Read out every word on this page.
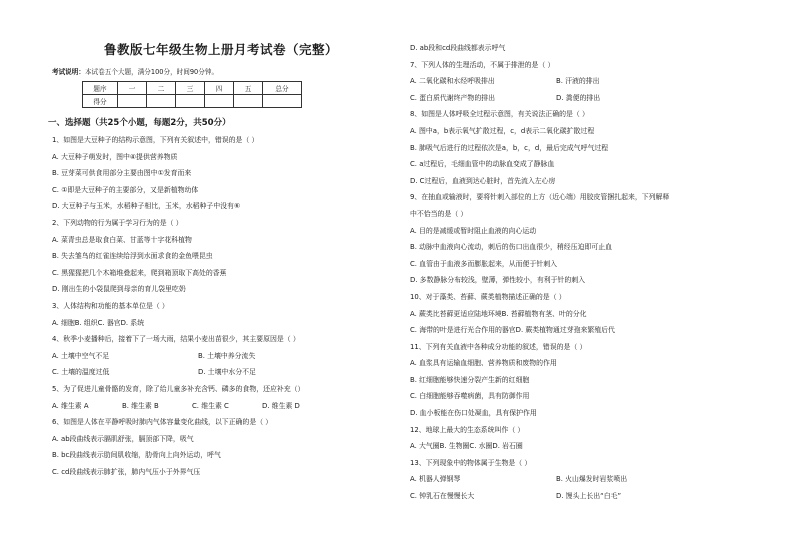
鲁教版七年级生物上册月考试卷（完整）
考试说明：本试卷五个大题，满分100分，时间90分钟。
题序	一	二	三	四	五	总分
得分						
一、选择题（共25个小题，每题2分，共50分）
1、如图是大豆种子的结构示意图，下列有关叙述中，错误的是（ ）
A. 大豆种子萌发时，图中④提供营养物质
B. 豆芽菜可供食用部分主要由图中①发育而来
C. ①即是大豆种子的主要部分，又是新植物幼体
D. 大豆种子与玉米，水稻种子相比，玉米，水稻种子中没有⑥
2、下列动物的行为属于学习行为的是（ ）
A. 菜青虫总是取食白菜、甘蓝等十字花科植物
B. 失去雏鸟的红雀连续给浮到水面求食的金鱼喂昆虫
C. 黑猩猩把几个木箱堆叠起来，爬到箱顶取下高处的香蕉
D. 刚出生的小袋鼠爬到母亲的育儿袋里吃奶
3、人体结构和功能的基本单位是（ ）
A. 细胞B. 组织C. 器官D. 系统
4、秋季小麦播种后，接着下了一场大雨，结果小麦出苗很少，其主要原因是（ ）
A. 土壤中空气不足	B. 土壤中养分流失
C. 土壤的温度过低	D. 土壤中水分不足
5、为了促进儿童骨骼的发育，除了给儿童多补充含钙、磷多的食物，还应补充（）
A. 维生素 A	B. 维生素 B	C. 维生素 C	D. 维生素 D
6、如图是人体在平静呼吸时肺内气体容量变化曲线，以下正确的是（ ）
A. ab段曲线表示膈肌舒张，膈顶部下降，吸气
B. bc段曲线表示肋间肌收缩，肋骨向上向外运动，呼气
C. cd段曲线表示肺扩张，肺内气压小于外界气压
D. ab段和cd段曲线都表示呼气
7、下列人体的生理活动，不属于排泄的是（ ）
A. 二氧化碳和水经呼吸排出	B. 汗液的排出
C. 蛋白质代谢终产物的排出	D. 粪便的排出
8、如图是人体呼吸全过程示意图，有关说法正确的是（ ）
A. 图中a，b表示氧气扩散过程，c，d表示二氧化碳扩散过程
B. 肺吸气后进行的过程依次是a，b，c，d，最后完成气呼气过程
C. a过程后，毛细血管中的动脉血变成了静脉血
D. C过程后，血液到达心脏时，首先流入左心房
9、在抽血或输液时，要将针刺入部位的上方（近心端）用胶皮管捆扎起来，下列解释
中不恰当的是（ ）
A. 目的是减缓或暂时阻止血液的向心运动
B. 动脉中血液向心流动，刺后的伤口出血很少，稍经压迫即可止血
C. 血管由于血液多而膨胀起来，从而便于针刺入
D. 多数静脉分布较浅，壁薄，弹性较小，有利于针的刺入
10、对于藻类、苔藓、蕨类植物描述正确的是（ ）
A. 蕨类比苔藓更适应陆地环境B. 苔藓植物有茎、叶的分化
C. 海带的叶是进行光合作用的器官D. 蕨类植物通过芽孢来繁殖后代
11、下列有关血液中各种成分功能的叙述，错误的是（ ）
A. 血浆具有运输血细胞、营养物质和废物的作用
B. 红细胞能够快速分裂产生新的红细胞
C. 白细胞能够吞噬病菌，具有防御作用
D. 血小板能在伤口处凝血，具有保护作用
12、地球上最大的生态系统叫作（ ）
A. 大气圈B. 生物圈C. 水圈D. 岩石圈
13、下列现象中的物体属于生物是（ ）
A. 机器人弹钢琴	B. 火山爆发时岩浆喷出
C. 钟乳石在慢慢长大	D. 馒头上长出“白毛”
